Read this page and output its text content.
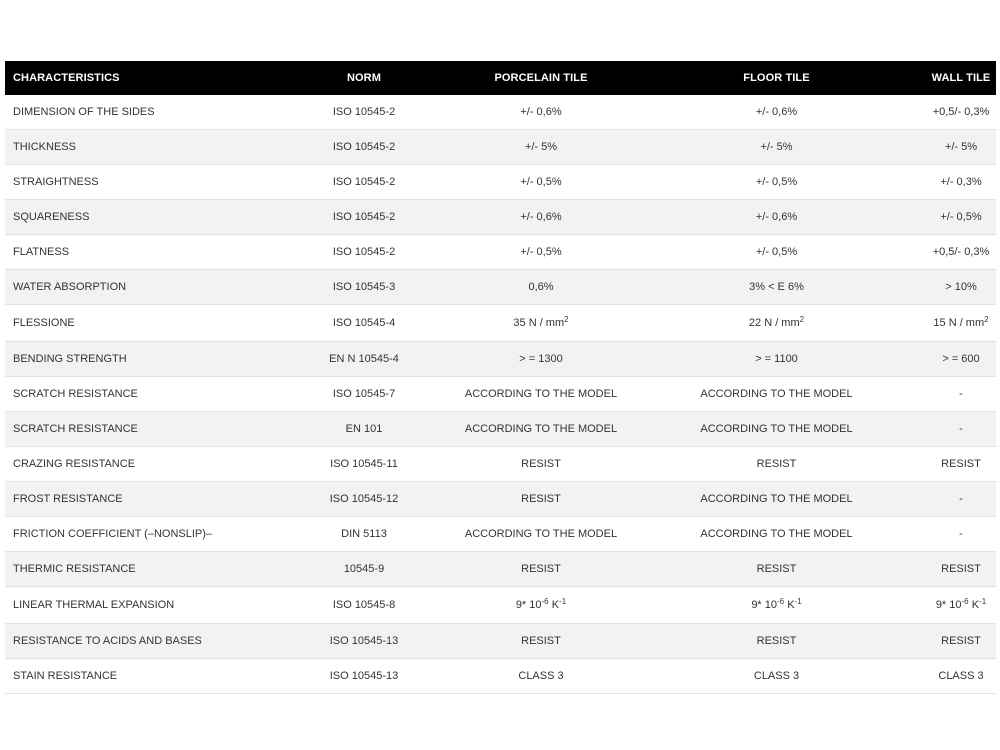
CHARACTERISTICS	NORM	PORCELAIN TILE	FLOOR TILE	WALL TILE
DIMENSION OF THE SIDES	ISO 10545-2	+/- 0,6%	+/- 0,6%	+0,5/- 0,3%
THICKNESS	ISO 10545-2	+/- 5%	+/- 5%	+/- 5%
STRAIGHTNESS	ISO 10545-2	+/- 0,5%	+/- 0,5%	+/- 0,3%
SQUARENESS	ISO 10545-2	+/- 0,6%	+/- 0,6%	+/- 0,5%
FLATNESS	ISO 10545-2	+/- 0,5%	+/- 0,5%	+0,5/- 0,3%
WATER ABSORPTION	ISO 10545-3	0,6%	3% < E 6%	> 10%
FLESSIONE	ISO 10545-4	35 N / $mm^2$	22 N / $mm^2$	15 N / $mm^2$
BENDING STRENGTH	EN N 10545-4	> = 1300	> = 1100	> = 600
SCRATCH RESISTANCE	ISO 10545-7	ACCORDING TO THE MODEL	ACCORDING TO THE MODEL	-
SCRATCH RESISTANCE	EN 101	ACCORDING TO THE MODEL	ACCORDING TO THE MODEL	-
CRAZING RESISTANCE	ISO 10545-11	RESIST	RESIST	RESIST
FROST RESISTANCE	ISO 10545-12	RESIST	ACCORDING TO THE MODEL	-
FRICTION COEFFICIENT (–NONSLIP)–	DIN 5113	ACCORDING TO THE MODEL	ACCORDING TO THE MODEL	-
THERMIC RESISTANCE	10545-9	RESIST	RESIST	RESIST
LINEAR THERMAL EXPANSION	ISO 10545-8	9* $10^{-6}$ $K^{-1}$	9* $10^{-6}$ $K^{-1}$	9* $10^{-6}$ $K^{-1}$
RESISTANCE TO ACIDS AND BASES	ISO 10545-13	RESIST	RESIST	RESIST
STAIN RESISTANCE	ISO 10545-13	CLASS 3	CLASS 3	CLASS 3
